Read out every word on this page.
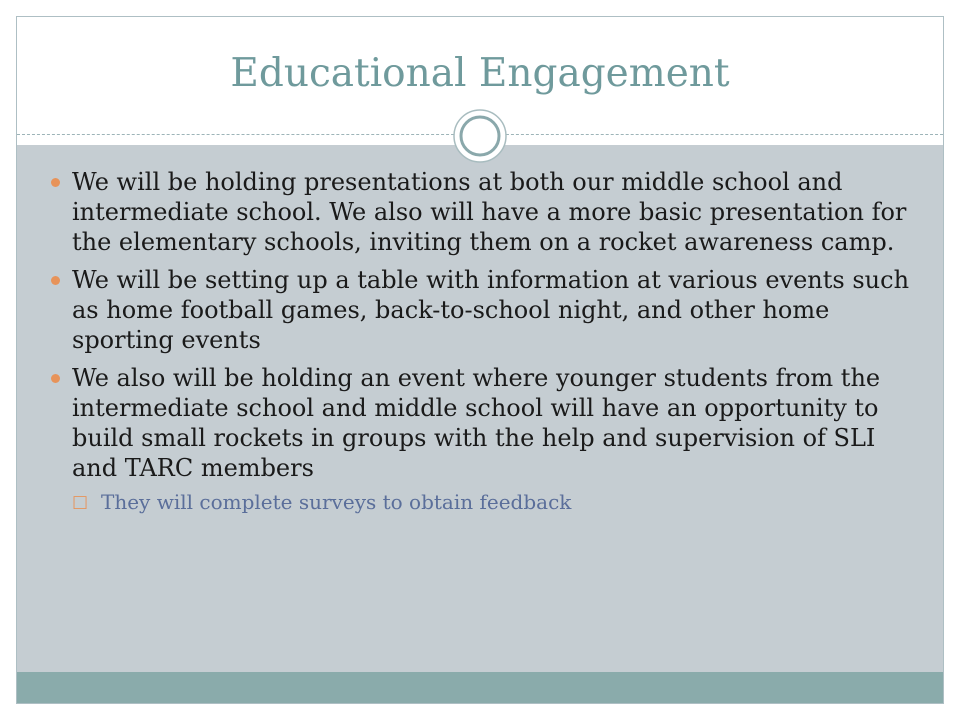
Educational Engagement
We will be holding presentations at both our middle school and intermediate school. We also will have a more basic presentation for the elementary schools, inviting them on a rocket awareness camp.
We will be setting up a table with information at various events such as home football games, back-to-school night, and other home sporting events
We also will be holding an event where younger students from the intermediate school and middle school will have an opportunity to build small rockets in groups with the help and supervision of SLI and TARC members
□ They will complete surveys to obtain feedback
